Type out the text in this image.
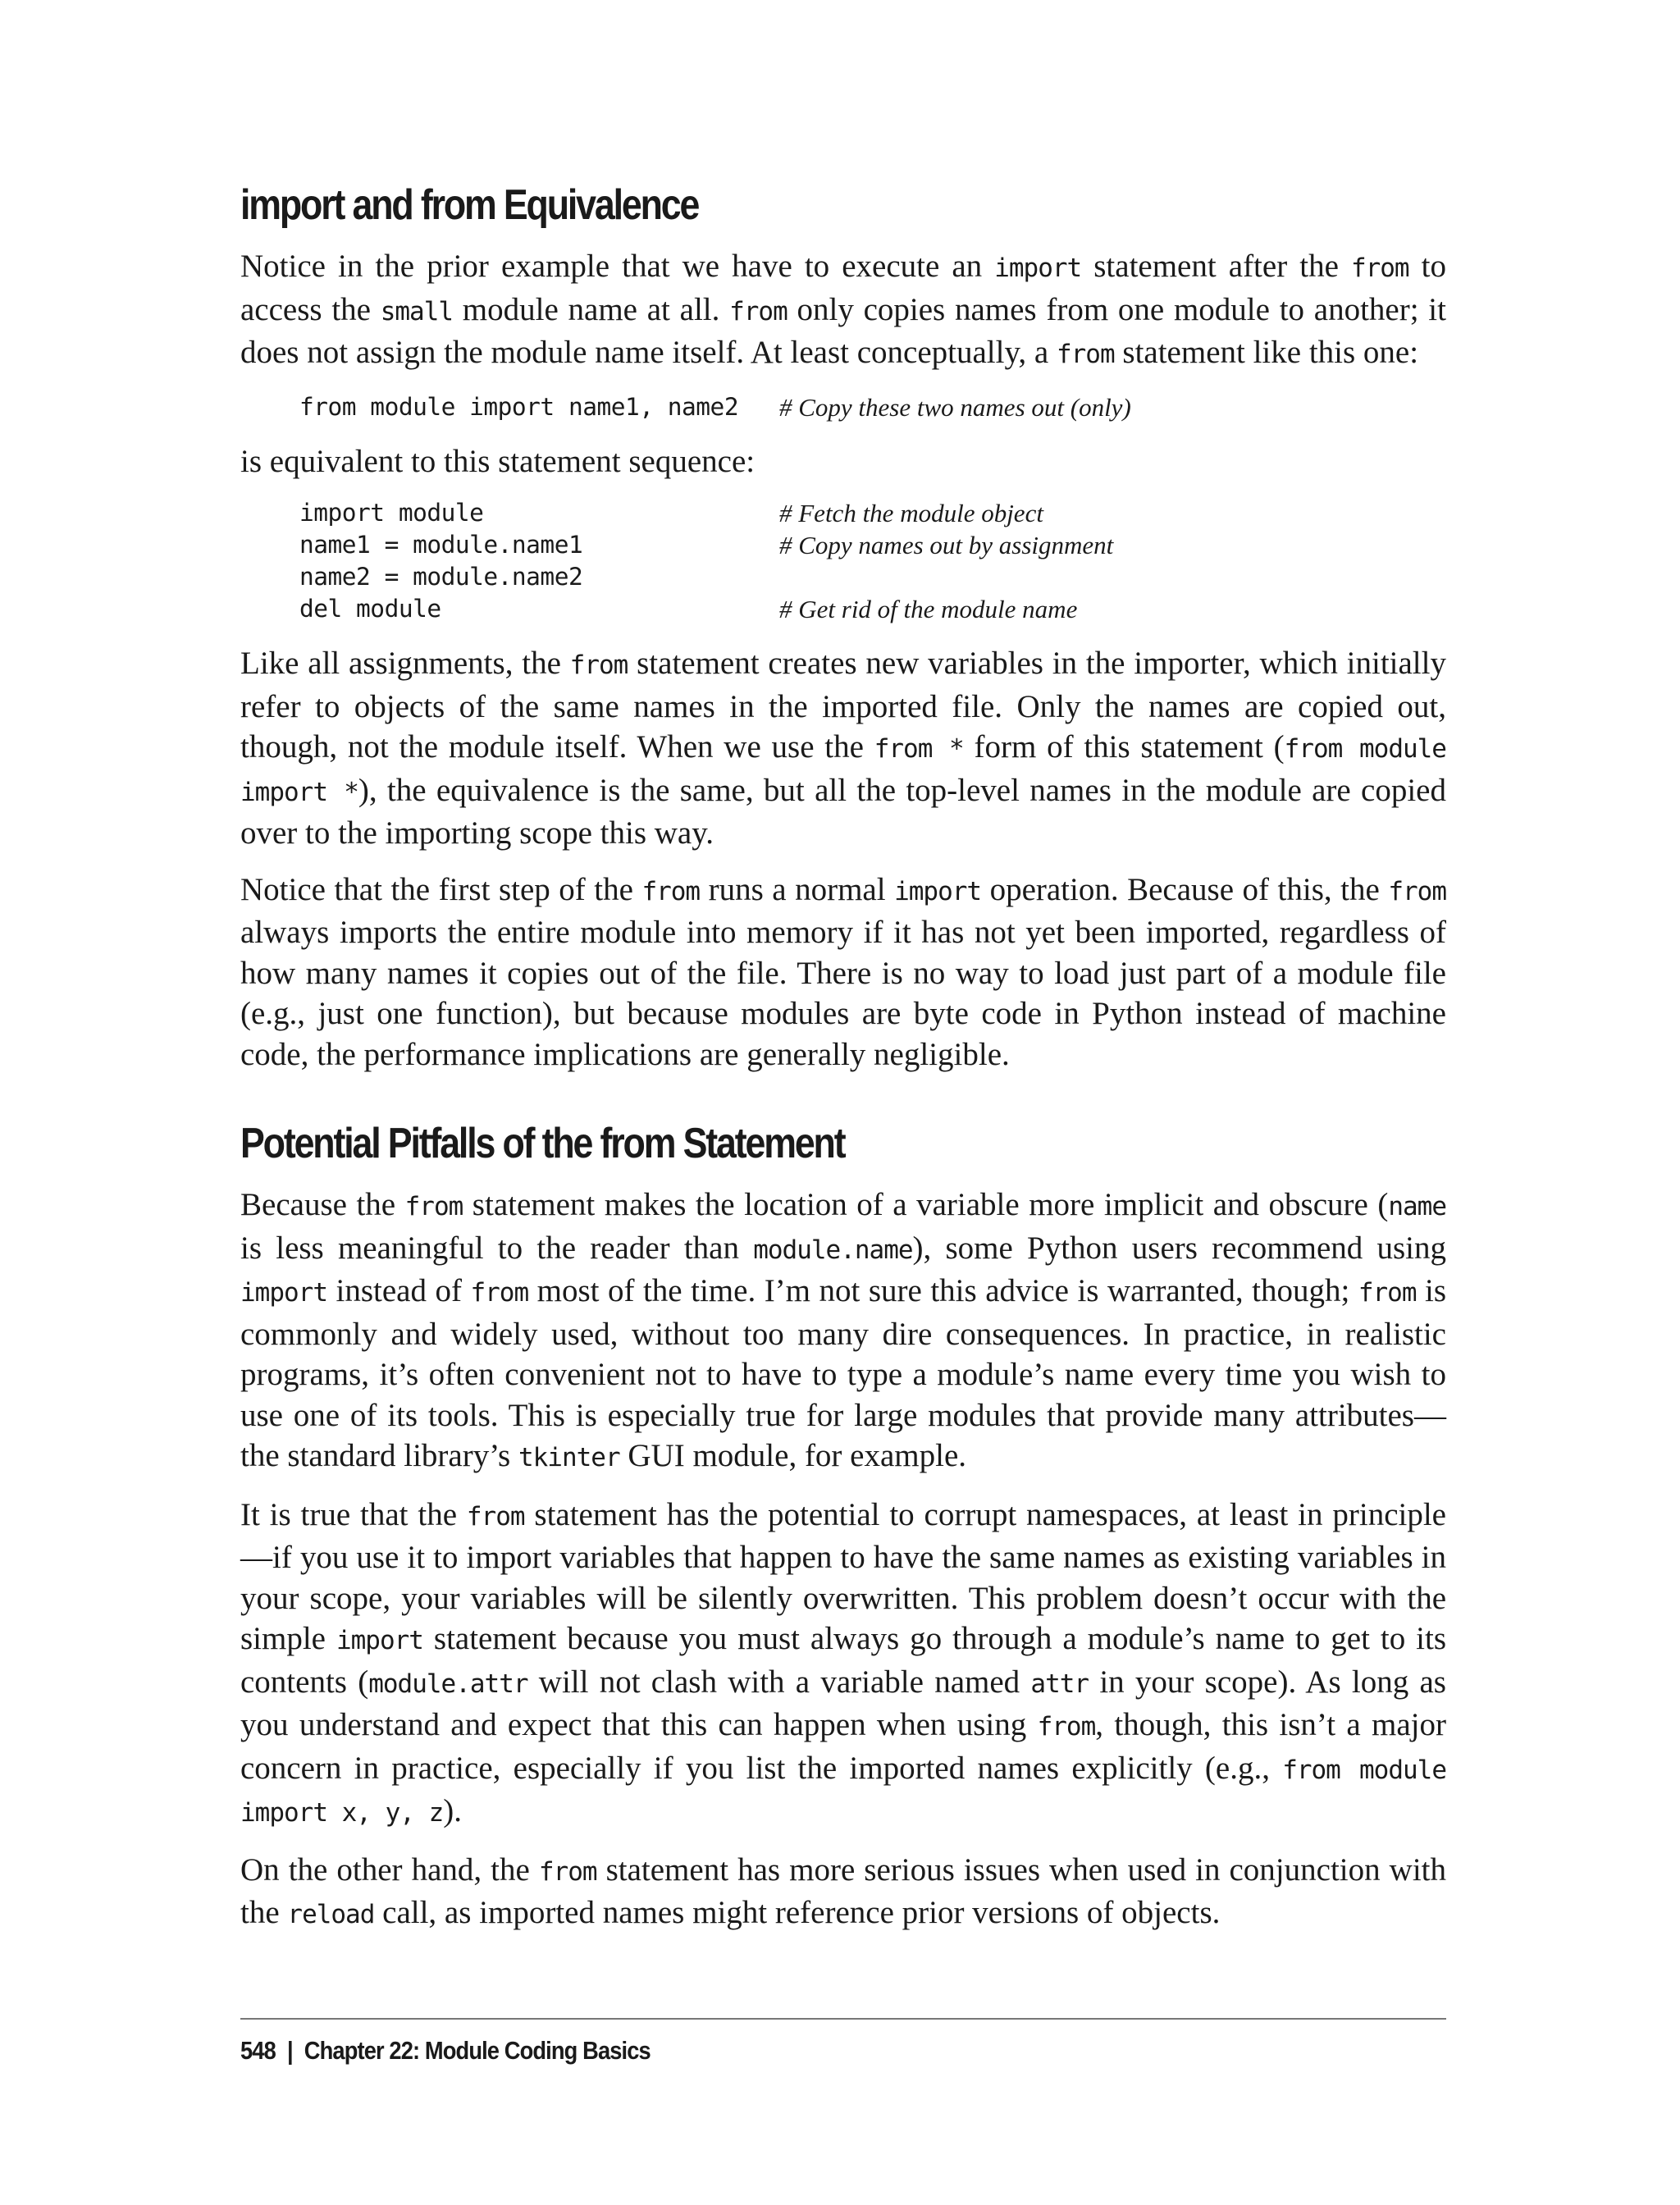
import and from Equivalence

Notice in the prior example that we have to execute an import statement after the from to access the small module name at all. from only copies names from one module to another; it does not assign the module name itself. At least conceptually, a from statement like this one:

from module import name1, name2	# Copy these two names out (only)

is equivalent to this statement sequence:

import module	# Fetch the module object
name1 = module.name1	# Copy names out by assignment
name2 = module.name2
del module	# Get rid of the module name

Like all assignments, the from statement creates new variables in the importer, which initially refer to objects of the same names in the imported file. Only the names are copied out, though, not the module itself. When we use the from * form of this statement (from module import *), the equivalence is the same, but all the top-level names in the module are copied over to the importing scope this way.

Notice that the first step of the from runs a normal import operation. Because of this, the from always imports the entire module into memory if it has not yet been imported, regardless of how many names it copies out of the file. There is no way to load just part of a module file (e.g., just one function), but because modules are byte code in Python instead of machine code, the performance implications are generally negligible.

Potential Pitfalls of the from Statement

Because the from statement makes the location of a variable more implicit and obscure (name is less meaningful to the reader than module.name), some Python users recommend using import instead of from most of the time. I’m not sure this advice is warranted, though; from is commonly and widely used, without too many dire consequences. In practice, in realistic programs, it’s often convenient not to have to type a module’s name every time you wish to use one of its tools. This is especially true for large modules that provide many attributes—the standard library’s tkinter GUI module, for example.

It is true that the from statement has the potential to corrupt namespaces, at least in principle—if you use it to import variables that happen to have the same names as existing variables in your scope, your variables will be silently overwritten. This problem doesn’t occur with the simple import statement because you must always go through a module’s name to get to its contents (module.attr will not clash with a variable named attr in your scope). As long as you understand and expect that this can happen when using from, though, this isn’t a major concern in practice, especially if you list the imported names explicitly (e.g., from module import x, y, z).

On the other hand, the from statement has more serious issues when used in conjunction with the reload call, as imported names might reference prior versions of objects.

548 | Chapter 22: Module Coding Basics
